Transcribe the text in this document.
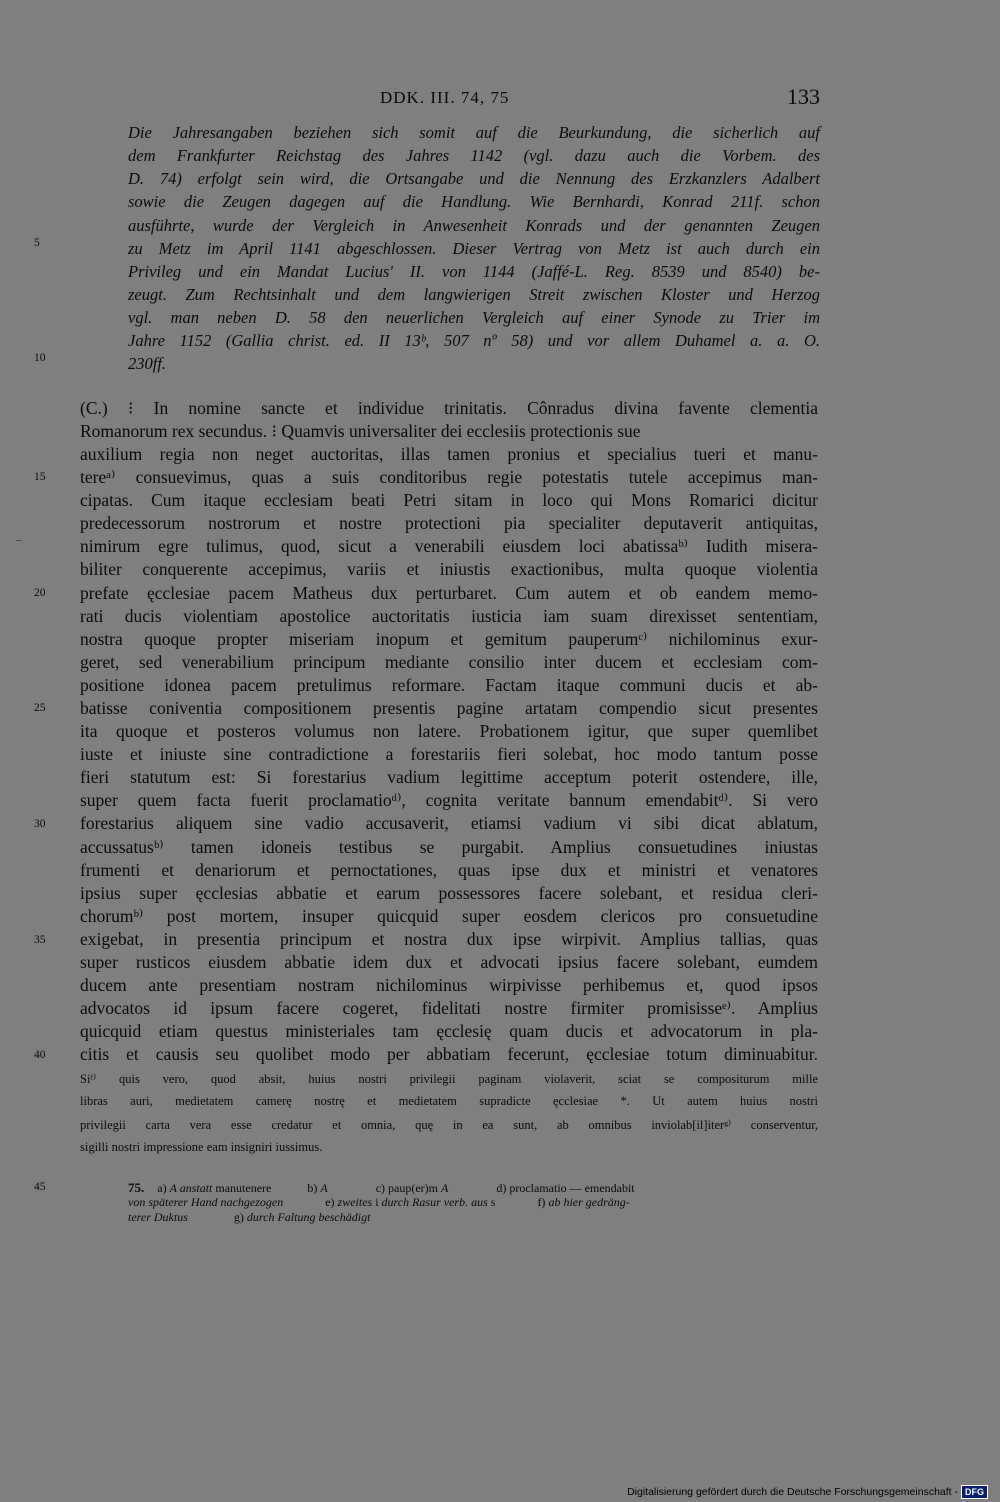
DDK. III. 74, 75	133
Die Jahresangaben beziehen sich somit auf die Beurkundung, die sicherlich auf
dem Frankfurter Reichstag des Jahres 1142 (vgl. dazu auch die Vorbem. des
D. 74) erfolgt sein wird, die Ortsangabe und die Nennung des Erzkanzlers Adalbert
sowie die Zeugen dagegen auf die Handlung. Wie Bernhardi, Konrad 211f. schon
ausführte, wurde der Vergleich in Anwesenheit Konrads und der genannten Zeugen
zu Metz im April 1141 abgeschlossen. Dieser Vertrag von Metz ist auch durch ein
Privileg und ein Mandat Lucius' II. von 1144 (Jaffé-L. Reg. 8539 und 8540) be-
zeugt. Zum Rechtsinhalt und dem langwierigen Streit zwischen Kloster und Herzog
vgl. man neben D. 58 den neuerlichen Vergleich auf einer Synode zu Trier im
Jahre 1152 (Gallia christ. ed. II 13ᵇ, 507 nº 58) und vor allem Duhamel a. a. O.
230ff.
(C.) ⁝ In nomine sancte et individue trinitatis. Cônradus divina favente clementia
Romanorum rex secundus. ⁝ Quamvis universaliter dei ecclesiis protectionis sue
auxilium regia non neget auctoritas, illas tamen pronius et specialius tueri et manu-
tereᵃ⁾ consuevimus, quas a suis conditoribus regie potestatis tutele accepimus man-
cipatas. Cum itaque ecclesiam beati Petri sitam in loco qui Mons Romarici dicitur
predecessorum nostrorum et nostre protectioni pia specialiter deputaverit antiquitas,
nimirum egre tulimus, quod, sicut a venerabili eiusdem loci abatissaᵇ⁾ Iudith misera-
biliter conquerente accepimus, variis et iniustis exactionibus, multa quoque violentia
prefate ęcclesiae pacem Matheus dux perturbaret. Cum autem et ob eandem memo-
rati ducis violentiam apostolice auctoritatis iusticia iam suam direxisset sententiam,
nostra quoque propter miseriam inopum et gemitum pauperumᶜ⁾ nichilominus exur-
geret, sed venerabilium principum mediante consilio inter ducem et ecclesiam com-
positione idonea pacem pretulimus reformare. Factam itaque communi ducis et ab-
batisse coniventia compositionem presentis pagine artatam compendio sicut presentes
ita quoque et posteros volumus non latere. Probationem igitur, que super quemlibet
iuste et iniuste sine contradictione a forestariis fieri solebat, hoc modo tantum posse
fieri statutum est: Si forestarius vadium legittime acceptum poterit ostendere, ille,
super quem facta fuerit proclamatioᵈ⁾, cognita veritate bannum emendabitᵈ⁾. Si vero
forestarius aliquem sine vadio accusaverit, etiamsi vadium vi sibi dicat ablatum,
accussatusᵇ⁾ tamen idoneis testibus se purgabit. Amplius consuetudines iniustas
frumenti et denariorum et pernoctationes, quas ipse dux et ministri et venatores
ipsius super ęcclesias abbatie et earum possessores facere solebant, et residua cleri-
chorumᵇ⁾ post mortem, insuper quicquid super eosdem clericos pro consuetudine
exigebat, in presentia principum et nostra dux ipse wirpivit. Amplius tallias, quas
super rusticos eiusdem abbatie idem dux et advocati ipsius facere solebant, eumdem
ducem ante presentiam nostram nichilominus wirpivisse perhibemus et, quod ipsos
advocatos id ipsum facere cogeret, fidelitati nostre firmiter promisisseᵉ⁾. Amplius
quicquid etiam questus ministeriales tam ęcclesię quam ducis et advocatorum in pla-
citis et causis seu quolibet modo per abbatiam fecerunt, ęcclesiae totum diminuabitur.
Siᶠ⁾ quis vero, quod absit, huius nostri privilegii paginam violaverit, sciat se compositurum mille
libras auri, medietatem camerę nostrę et medietatem supradicte ęcclesiae *. Ut autem huius nostri
privilegii carta vera esse credatur et omnia, quę in ea sunt, ab omnibus inviolab[il]iterᵍ⁾ conserventur,
sigilli nostri impressione eam insigniri iussimus.
5
10
15
20
25
30
35
40
45	75. a) A anstatt manutenere	b) A	c) paup(er)m A	d) proclamatio — emendabit
von späterer Hand nachgezogen	e) zweites i durch Rasur verb. aus s	f) ab hier gedräng-
terer Duktus	g) durch Faltung beschädigt
Digitalisierung gefördert durch die Deutsche Forschungsgemeinschaft - DFG
